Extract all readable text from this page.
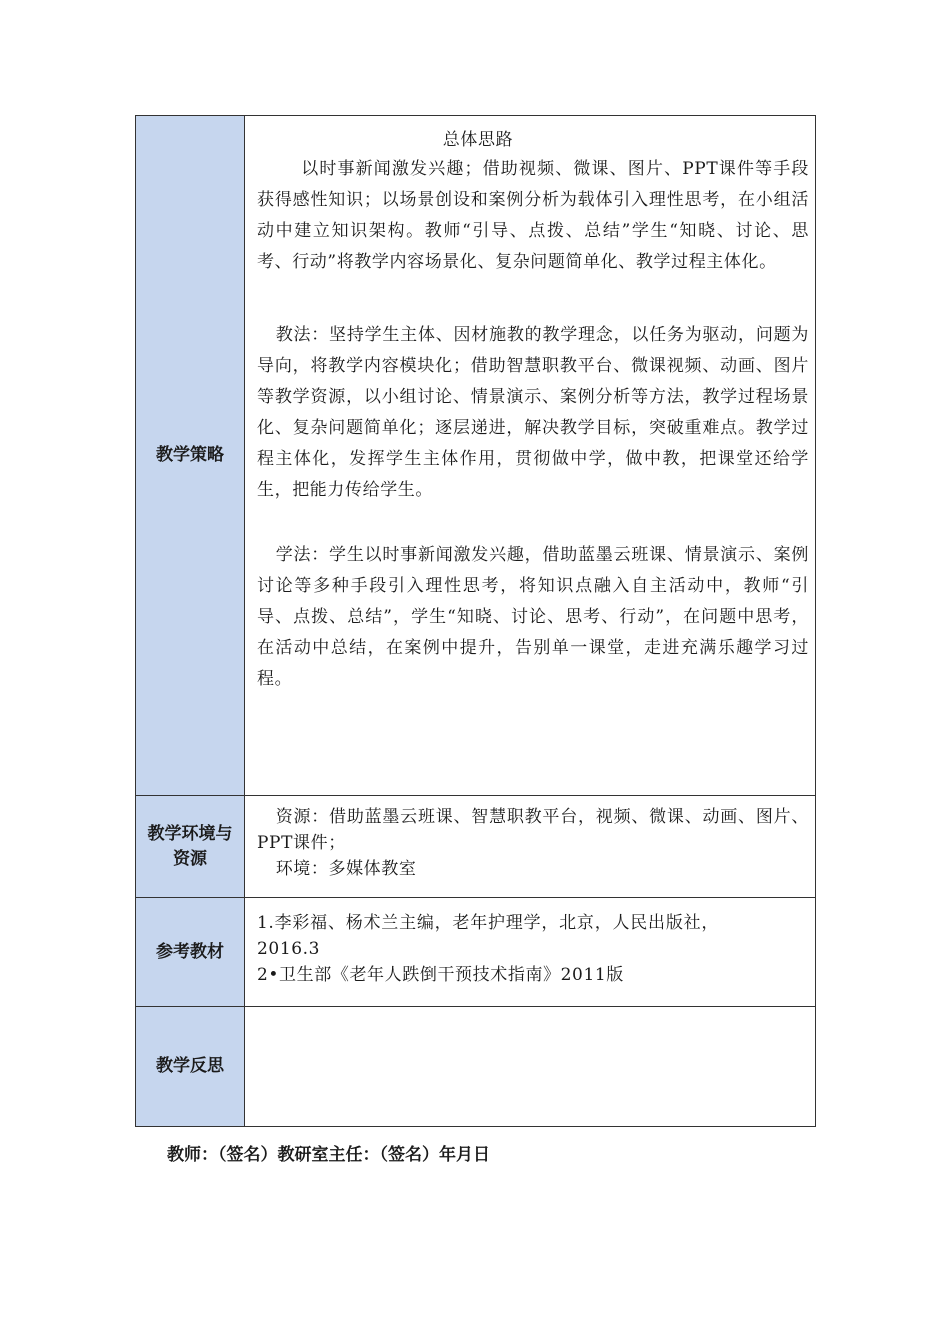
教学策略
总体思路

以时事新闻激发兴趣；借助视频、微课、图片、PPT课件等手段获得感性知识；以场景创设和案例分析为载体引入理性思考，在小组活动中建立知识架构。教师“引导、点拨、总结”学生“知晓、讨论、思考、行动”将教学内容场景化、复杂问题简单化、教学过程主体化。

教法：坚持学生主体、因材施教的教学理念，以任务为驱动，问题为导向，将教学内容模块化；借助智慧职教平台、微课视频、动画、图片等教学资源，以小组讨论、情景演示、案例分析等方法，教学过程场景化、复杂问题简单化；逐层递进，解决教学目标，突破重难点。教学过程主体化，发挥学生主体作用，贯彻做中学，做中教，把课堂还给学生，把能力传给学生。

学法：学生以时事新闻激发兴趣，借助蓝墨云班课、情景演示、案例讨论等多种手段引入理性思考，将知识点融入自主活动中，教师“引导、点拨、总结”，学生“知晓、讨论、思考、行动”，在问题中思考，在活动中总结，在案例中提升，告别单一课堂，走进充满乐趣学习过程。

教学环境与资源

资源：借助蓝墨云班课、智慧职教平台，视频、微课、动画、图片、PPT课件；

环境：多媒体教室

参考教材

1.李彩福、杨术兰主编，老年护理学，北京，人民出版社，2016.3

2•卫生部《老年人跌倒干预技术指南》2011版

教学反思
教师：（签名）教研室主任：（签名）年月日
